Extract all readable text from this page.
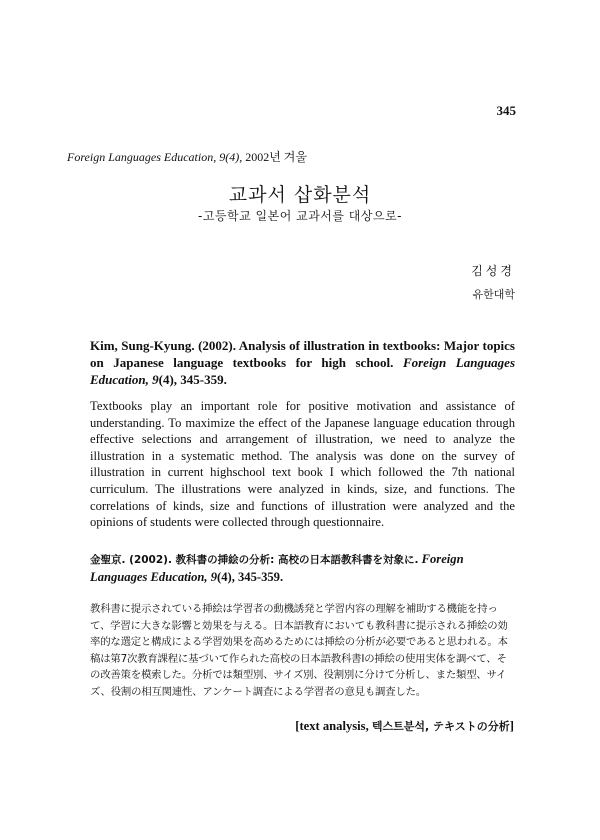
345
Foreign Languages Education, 9(4), 2002년 겨울
교과서 삽화분석
-고등학교 일본어 교과서를 대상으로-
김성경
유한대학
Kim, Sung-Kyung. (2002). Analysis of illustration in textbooks: Major topics on Japanese language textbooks for high school. Foreign Languages Education, 9(4), 345-359.
Textbooks play an important role for positive motivation and assistance of understanding. To maximize the effect of the Japanese language education through effective selections and arrangement of illustration, we need to analyze the illustration in a systematic method. The analysis was done on the survey of illustration in current highschool text book I which followed the 7th national curriculum. The illustrations were analyzed in kinds, size, and functions. The correlations of kinds, size and functions of illustration were analyzed and the opinions of students were collected through questionnaire.
金聖京. (2002). 教科書の挿絵の分析: 高校の日本語教科書を対象に. Foreign Languages Education, 9(4), 345-359.
教科書に提示されている挿絵は学習者の動機誘発と学習内容の理解を補助する機能を持って、学習に大きな影響と効果を与える。日本語教育においても教科書に提示される挿絵の効率的な選定と構成による学習効果を高めるためには挿絵の分析が必要であると思われる。本稿は第7次教育課程に基づいて作られた高校の日本語教科書Ⅰの挿絵の使用実体を調べて、その改善策を模索した。分析では類型別、サイズ別、役割別に分けて分析し、また類型、サイズ、役割の相互関連性、アンケート調査による学習者の意見も調査した。
[text analysis, 텍스트분석, テキストの分析]
